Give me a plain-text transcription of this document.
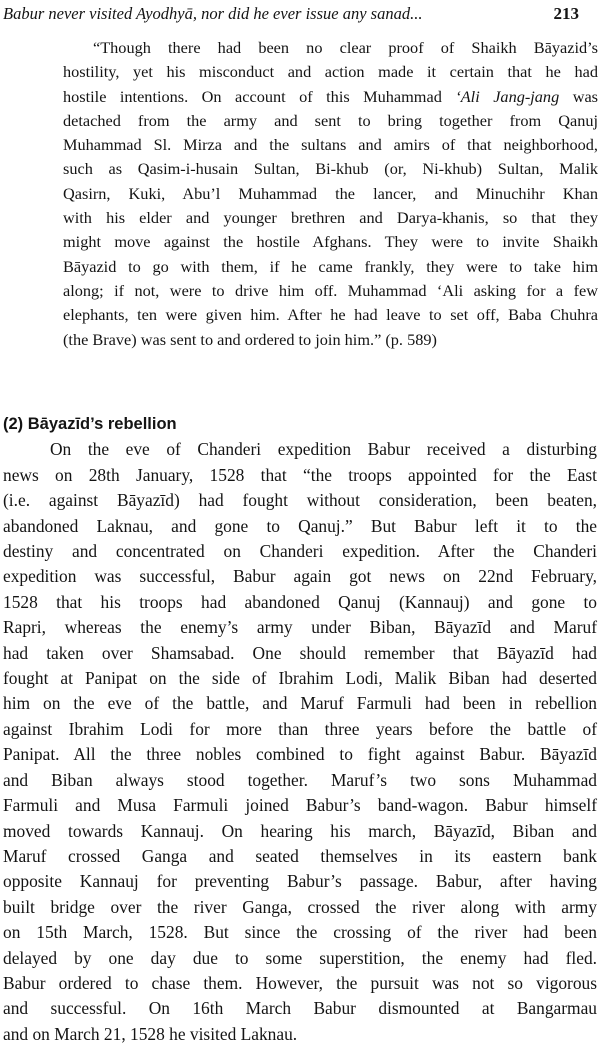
Babur never visited Ayodhyā, nor did he ever issue any sanad...	213
“Though there had been no clear proof of Shaikh Bāyazid’s
hostility, yet his misconduct and action made it certain that he had
hostile intentions. On account of this Muhammad ‘Ali Jang-jang was
detached from the army and sent to bring together from Qanuj
Muhammad Sl. Mirza and the sultans and amirs of that neighborhood,
such as Qasim-i-husain Sultan, Bi-khub (or, Ni-khub) Sultan, Malik
Qasirn, Kuki, Abu’l Muhammad the lancer, and Minuchihr Khan
with his elder and younger brethren and Darya-khanis, so that they
might move against the hostile Afghans. They were to invite Shaikh
Bāyazid to go with them, if he came frankly, they were to take him
along; if not, were to drive him off. Muhammad ‘Ali asking for a few
elephants, ten were given him. After he had leave to set off, Baba Chuhra
(the Brave) was sent to and ordered to join him.” (p. 589)
(2) Bāyazīd’s rebellion
On the eve of Chanderi expedition Babur received a disturbing
news on 28th January, 1528 that “the troops appointed for the East
(i.e. against Bāyazīd) had fought without consideration, been beaten,
abandoned Laknau, and gone to Qanuj.” But Babur left it to the
destiny and concentrated on Chanderi expedition. After the Chanderi
expedition was successful, Babur again got news on 22nd February,
1528 that his troops had abandoned Qanuj (Kannauj) and gone to
Rapri, whereas the enemy’s army under Biban, Bāyazīd and Maruf
had taken over Shamsabad. One should remember that Bāyazīd had
fought at Panipat on the side of Ibrahim Lodi, Malik Biban had deserted
him on the eve of the battle, and Maruf Farmuli had been in rebellion
against Ibrahim Lodi for more than three years before the battle of
Panipat. All the three nobles combined to fight against Babur. Bāyazīd
and Biban always stood together. Maruf’s two sons Muhammad
Farmuli and Musa Farmuli joined Babur’s band-wagon. Babur himself
moved towards Kannauj. On hearing his march, Bāyazīd, Biban and
Maruf crossed Ganga and seated themselves in its eastern bank
opposite Kannauj for preventing Babur’s passage. Babur, after having
built bridge over the river Ganga, crossed the river along with army
on 15th March, 1528. But since the crossing of the river had been
delayed by one day due to some superstition, the enemy had fled.
Babur ordered to chase them. However, the pursuit was not so vigorous
and successful. On 16th March Babur dismounted at Bangarmau
and on March 21, 1528 he visited Laknau.
